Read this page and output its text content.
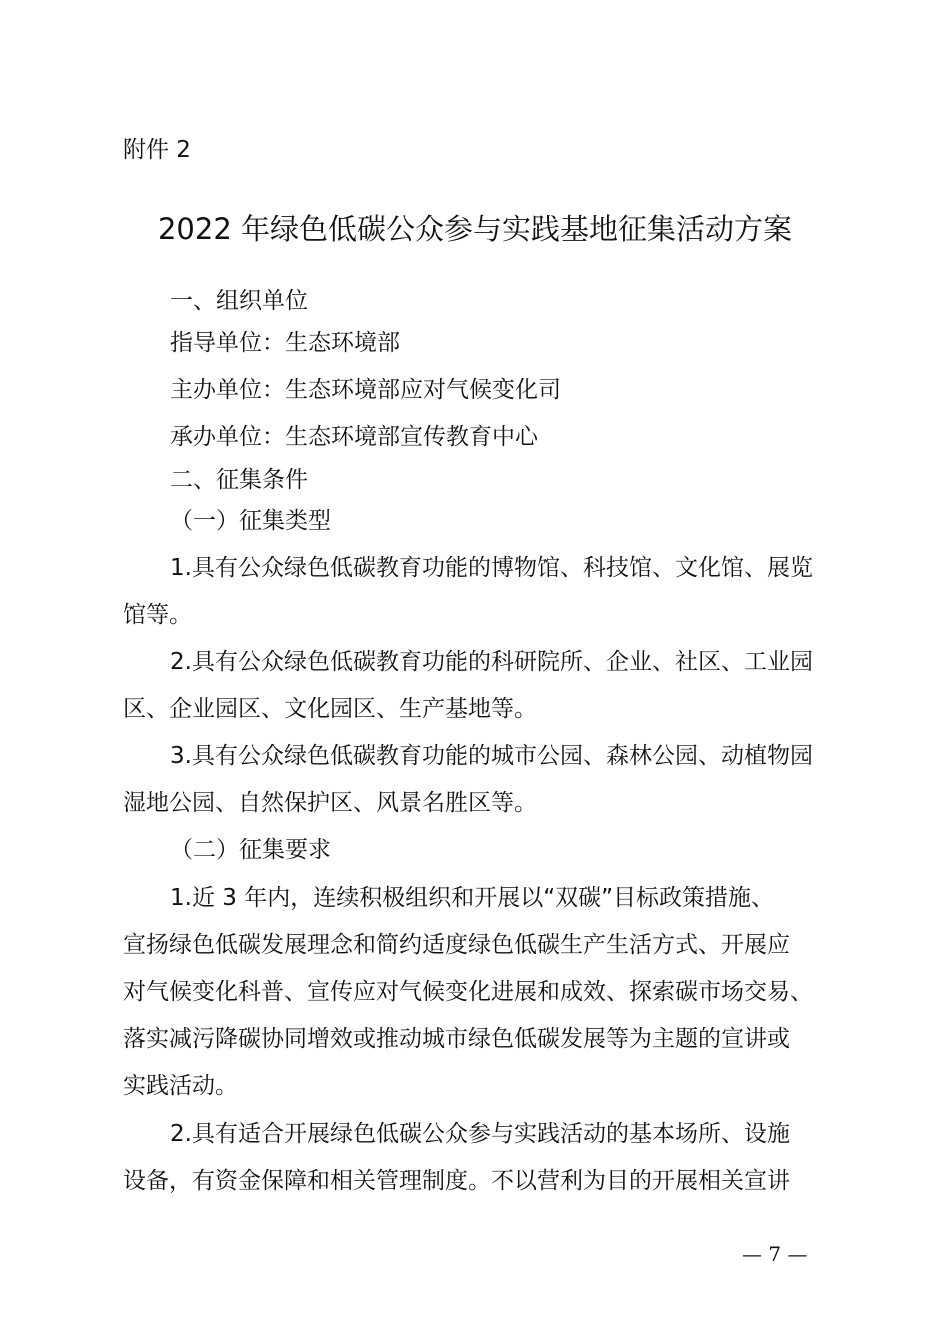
附件 2
2022 年绿色低碳公众参与实践基地征集活动方案
一、组织单位
指导单位：生态环境部
主办单位：生态环境部应对气候变化司
承办单位：生态环境部宣传教育中心
二、征集条件
（一）征集类型
1.具有公众绿色低碳教育功能的博物馆、科技馆、文化馆、展览
馆等。
2.具有公众绿色低碳教育功能的科研院所、企业、社区、工业园
区、企业园区、文化园区、生产基地等。
3.具有公众绿色低碳教育功能的城市公园、森林公园、动植物园
湿地公园、自然保护区、风景名胜区等。
（二）征集要求
1.近 3 年内，连续积极组织和开展以“双碳”目标政策措施、
宣扬绿色低碳发展理念和简约适度绿色低碳生产生活方式、开展应
对气候变化科普、宣传应对气候变化进展和成效、探索碳市场交易、
落实减污降碳协同增效或推动城市绿色低碳发展等为主题的宣讲或
实践活动。
2.具有适合开展绿色低碳公众参与实践活动的基本场所、设施
设备，有资金保障和相关管理制度。不以营利为目的开展相关宣讲
— 7 —
